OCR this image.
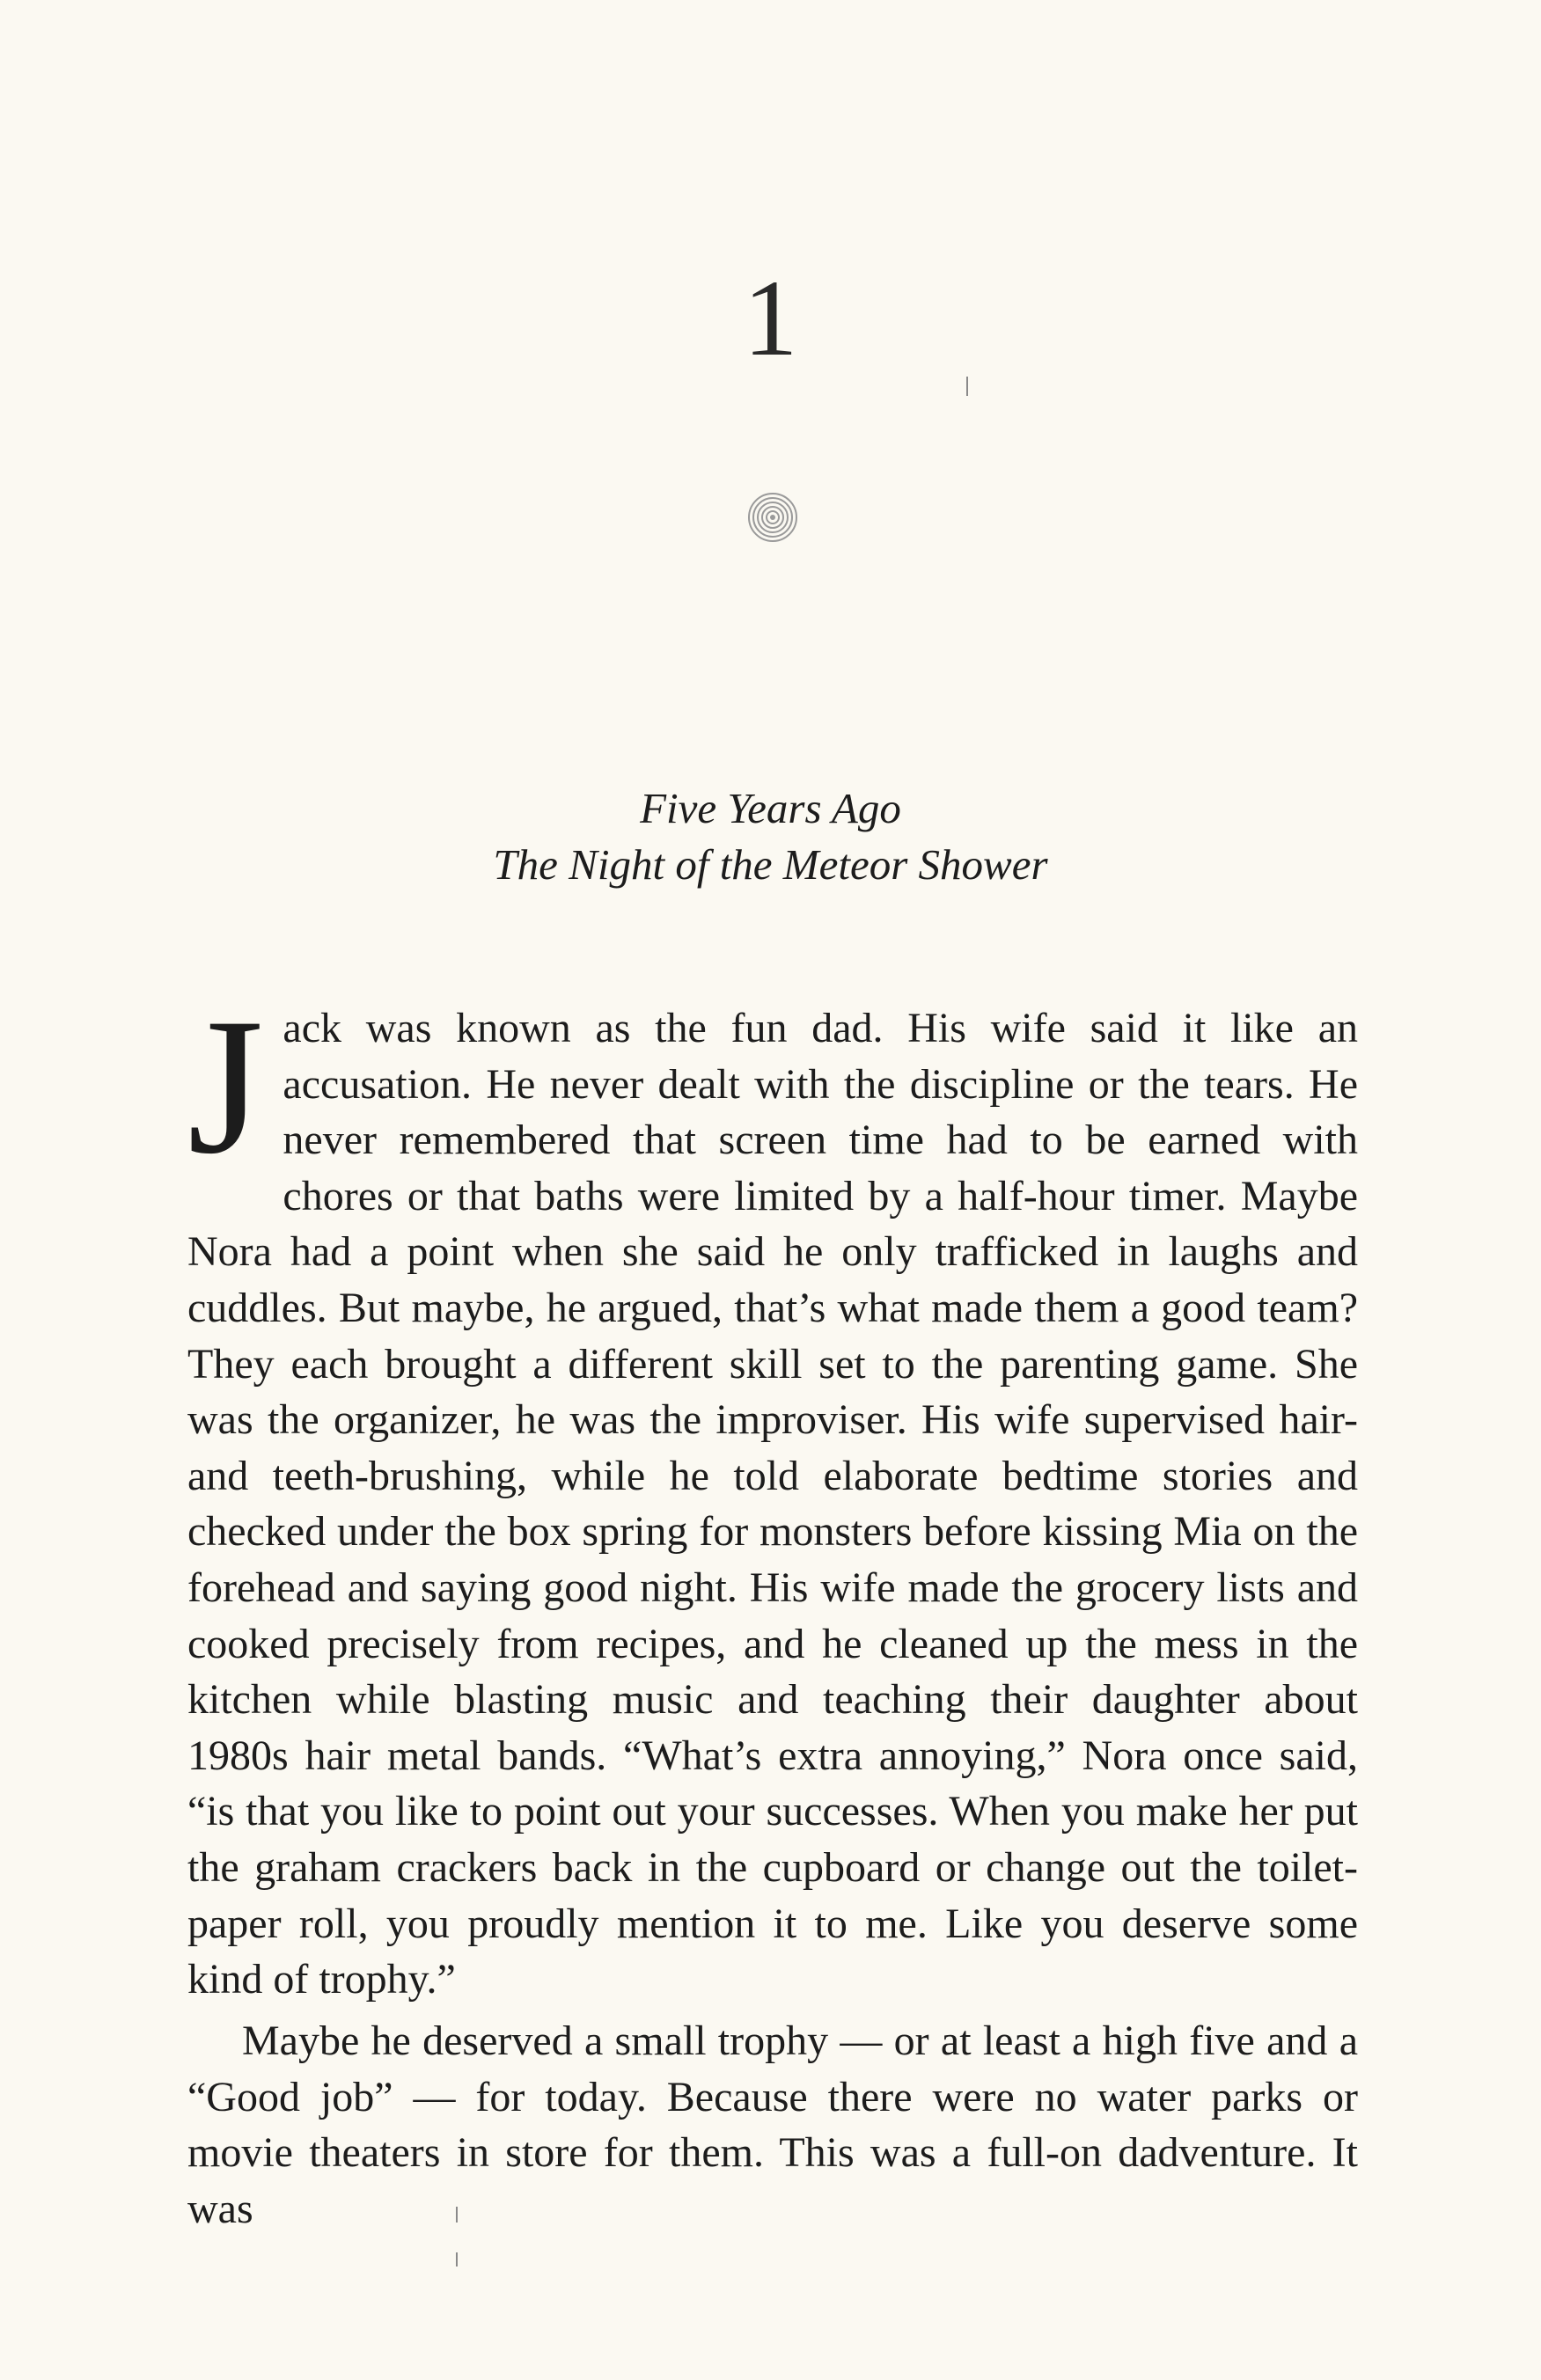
1
Five Years Ago
The Night of the Meteor Shower
Jack was known as the fun dad. His wife said it like an accusation. He never dealt with the discipline or the tears. He never remembered that screen time had to be earned with chores or that baths were limited by a half-hour timer. Maybe Nora had a point when she said he only trafficked in laughs and cuddles. But maybe, he argued, that’s what made them a good team? They each brought a different skill set to the parenting game. She was the organizer, he was the improviser. His wife supervised hair- and teeth-brushing, while he told elaborate bedtime stories and checked under the box spring for monsters before kissing Mia on the forehead and saying good night. His wife made the grocery lists and cooked precisely from recipes, and he cleaned up the mess in the kitchen while blasting music and teaching their daughter about 1980s hair metal bands. “What’s extra annoying,” Nora once said, “is that you like to point out your successes. When you make her put the graham crackers back in the cupboard or change out the toilet-paper roll, you proudly mention it to me. Like you deserve some kind of trophy.”
Maybe he deserved a small trophy — or at least a high five and a “Good job” — for today. Because there were no water parks or movie theaters in store for them. This was a full-on dadventure. It was
